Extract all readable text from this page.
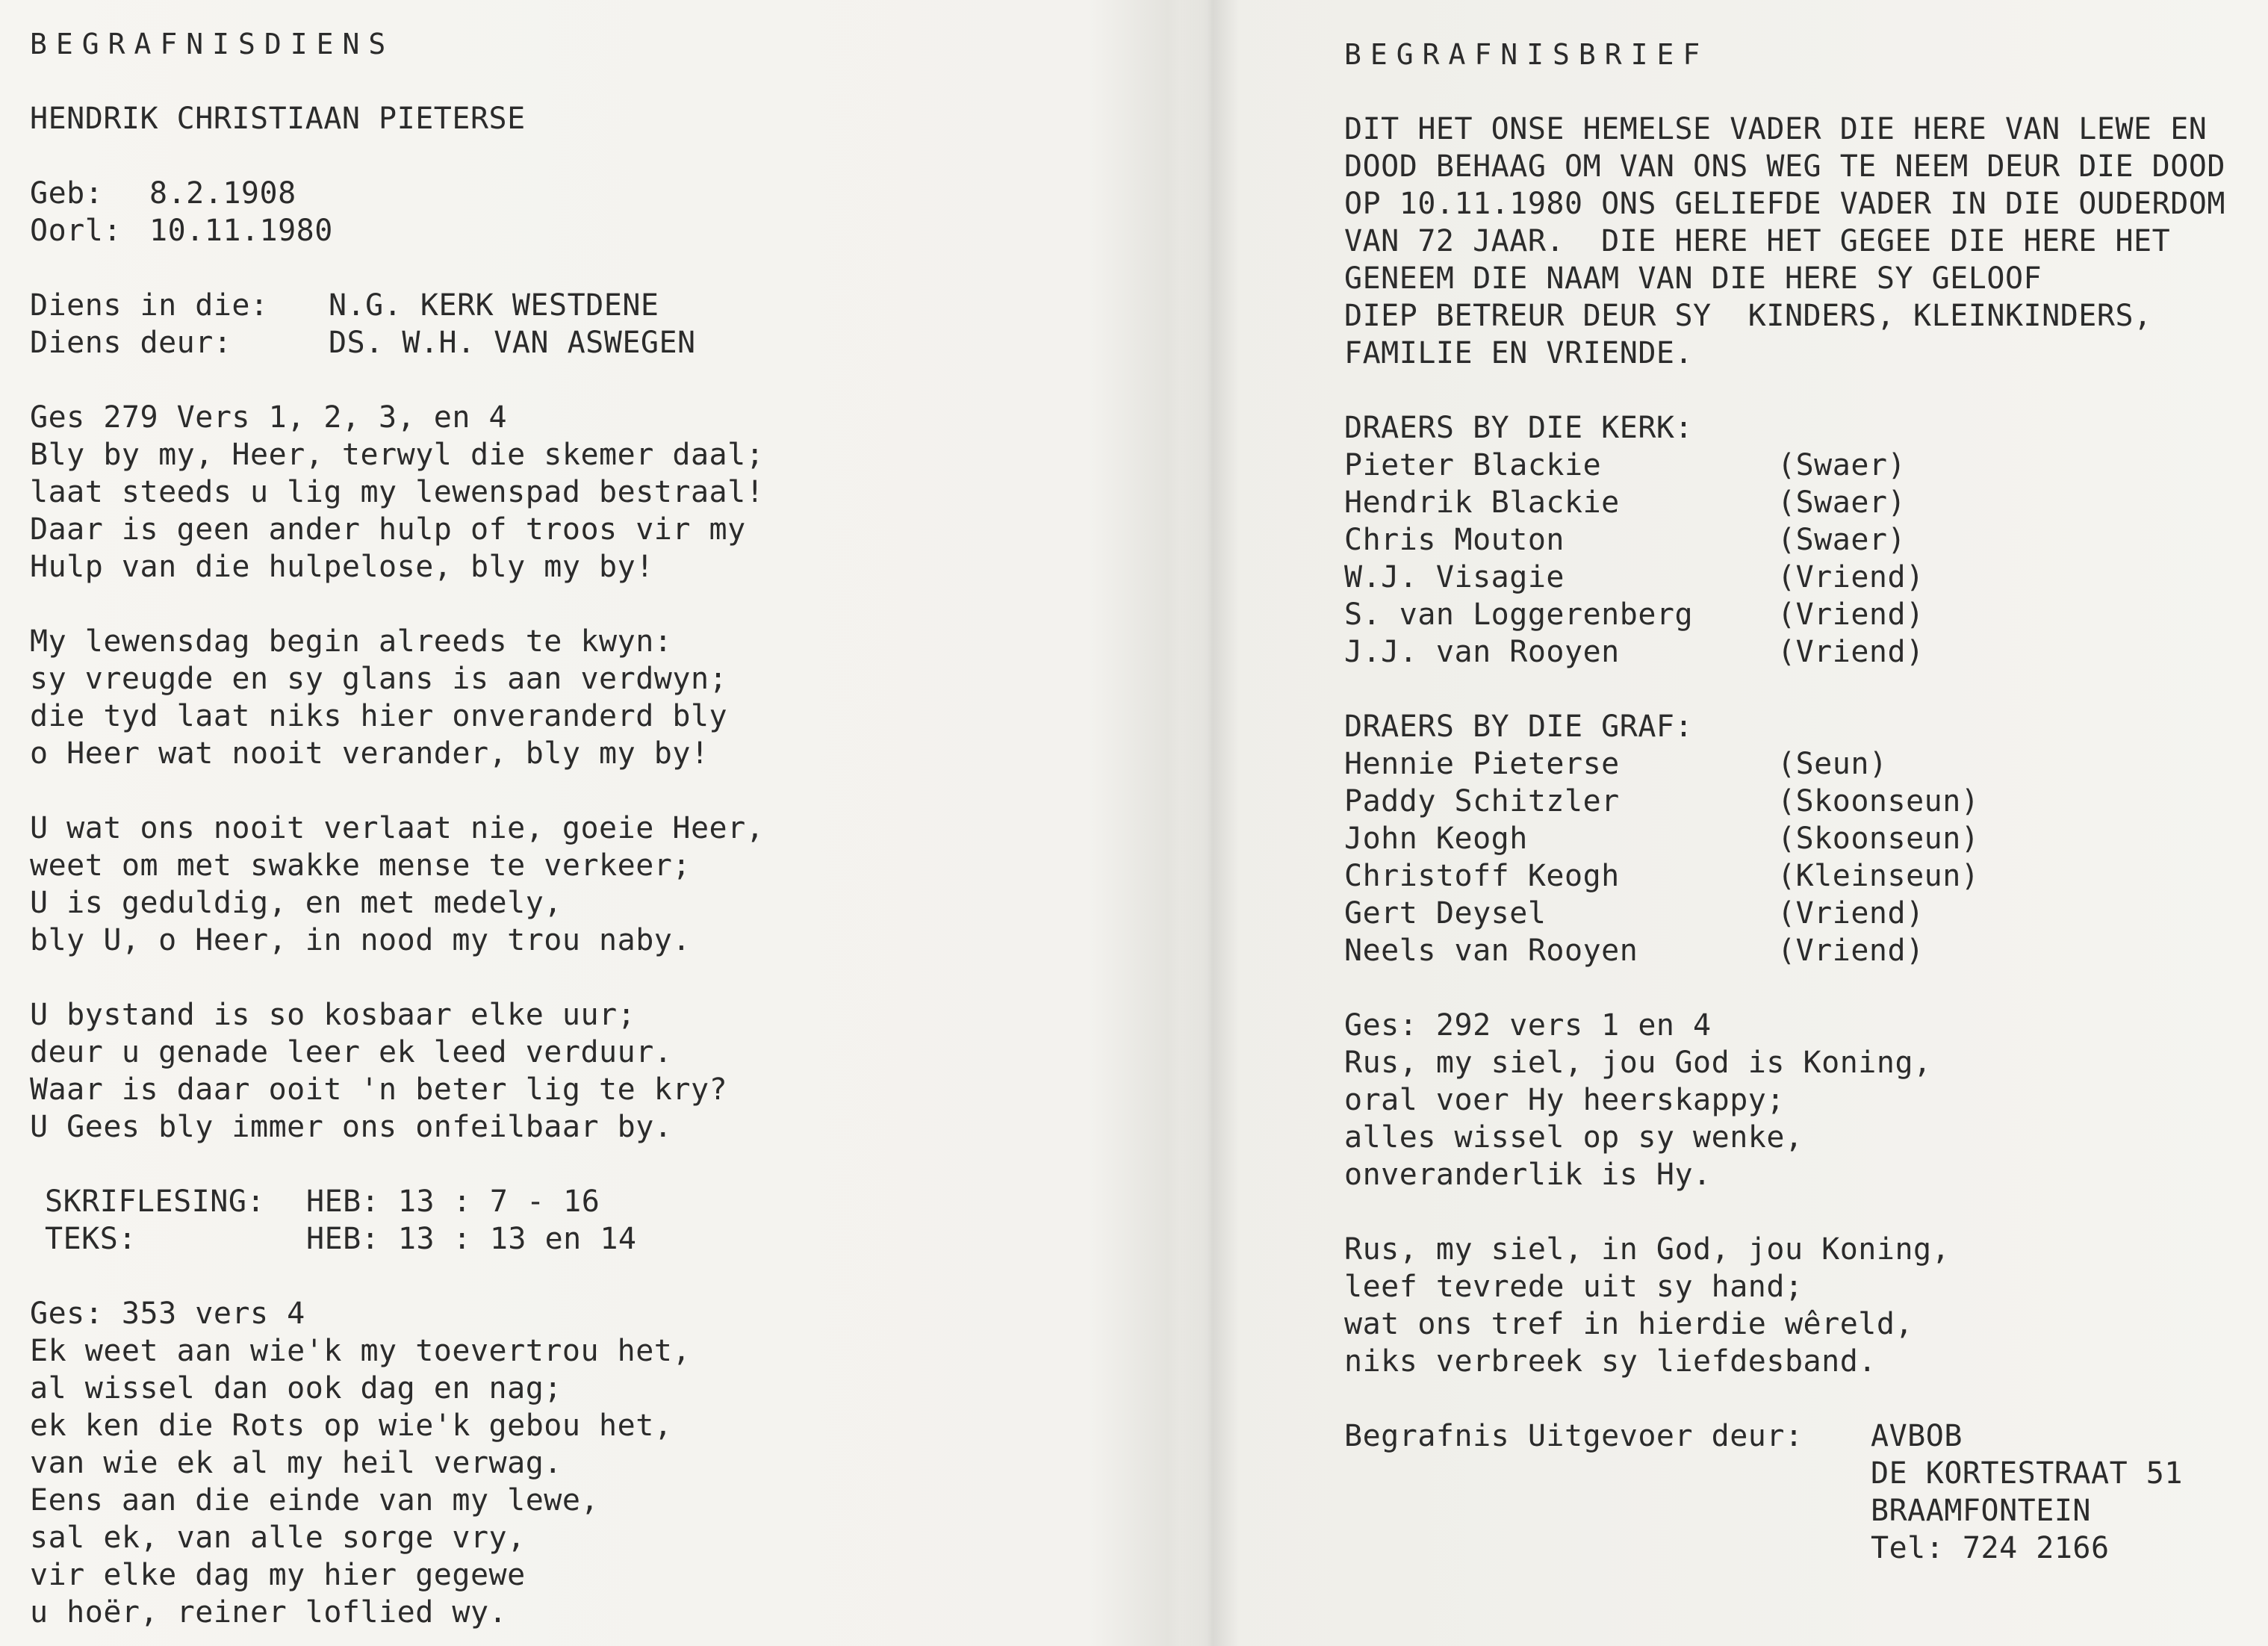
BEGRAFNISDIENS
HENDRIK CHRISTIAAN PIETERSE
Geb:	8.2.1908
Oorl: 10.11.1980
Diens in die:	N.G. KERK WESTDENE
Diens deur:	DS. W.H. VAN ASWEGEN
Ges 279 Vers 1, 2, 3, en 4
Bly by my, Heer, terwyl die skemer daal;
laat steeds u lig my lewenspad bestraal!
Daar is geen ander hulp of troos vir my
Hulp van die hulpelose, bly my by!
My lewensdag begin alreeds te kwyn:
sy vreugde en sy glans is aan verdwyn;
die tyd laat niks hier onveranderd bly
o Heer wat nooit verander, bly my by!
U wat ons nooit verlaat nie, goeie Heer,
weet om met swakke mense te verkeer;
U is geduldig, en met medely,
bly U, o Heer, in nood my trou naby.
U bystand is so kosbaar elke uur;
deur u genade leer ek leed verduur.
Waar is daar ooit 'n beter lig te kry?
U Gees bly immer ons onfeilbaar by.
SKRIFLESING:	HEB: 13 : 7 - 16
TEKS:	HEB: 13 : 13 en 14
Ges: 353 vers 4
Ek weet aan wie'k my toevertrou het,
al wissel dan ook dag en nag;
ek ken die Rots op wie'k gebou het,
van wie ek al my heil verwag.
Eens aan die einde van my lewe,
sal ek, van alle sorge vry,
vir elke dag my hier gegewe
u hoër, reiner loflied wy.
BEGRAFNISBRIEF
DIT HET ONSE HEMELSE VADER DIE HERE VAN LEWE EN
DOOD BEHAAG OM VAN ONS WEG TE NEEM DEUR DIE DOOD
OP 10.11.1980 ONS GELIEFDE VADER IN DIE OUDERDOM
VAN 72 JAAR.  DIE HERE HET GEGEE DIE HERE HET
GENEEM DIE NAAM VAN DIE HERE SY GELOOF
DIEP BETREUR DEUR SY  KINDERS, KLEINKINDERS,
FAMILIE EN VRIENDE.
DRAERS BY DIE KERK:
Pieter Blackie	(Swaer)
Hendrik Blackie	(Swaer)
Chris Mouton	(Swaer)
W.J. Visagie	(Vriend)
S. van Loggerenberg	(Vriend)
J.J. van Rooyen	(Vriend)
DRAERS BY DIE GRAF:
Hennie Pieterse	(Seun)
Paddy Schitzler	(Skoonseun)
John Keogh	(Skoonseun)
Christoff Keogh	(Kleinseun)
Gert Deysel	(Vriend)
Neels van Rooyen	(Vriend)
Ges: 292 vers 1 en 4
Rus, my siel, jou God is Koning,
oral voer Hy heerskappy;
alles wissel op sy wenke,
onveranderlik is Hy.
Rus, my siel, in God, jou Koning,
leef tevrede uit sy hand;
wat ons tref in hierdie wêreld,
niks verbreek sy liefdesband.
Begrafnis Uitgevoer deur:	AVBOB
DE KORTESTRAAT 51
BRAAMFONTEIN
Tel: 724 2166
